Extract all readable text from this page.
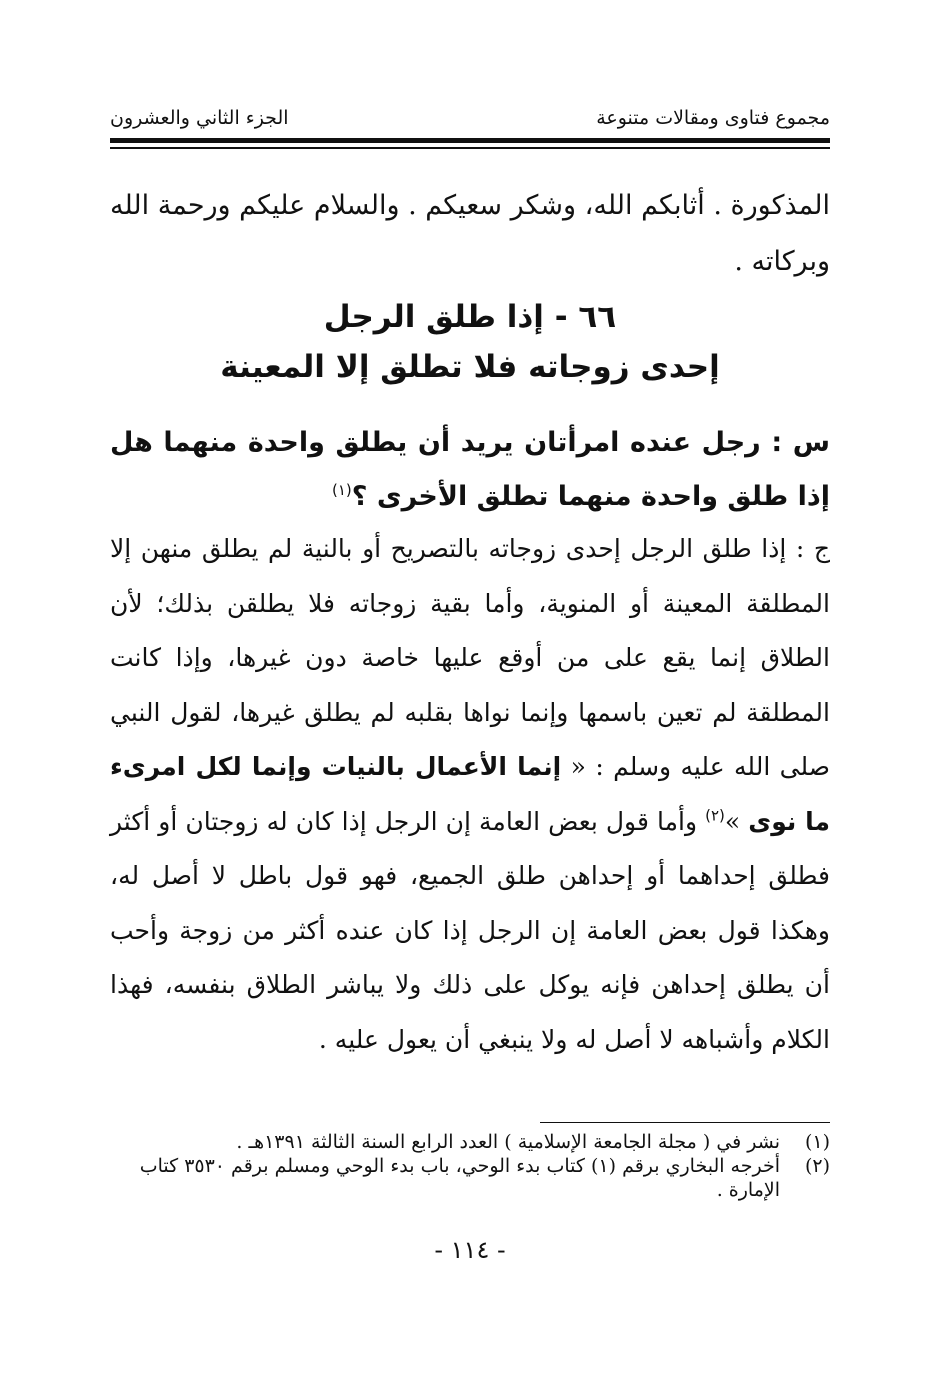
مجموع فتاوى ومقالات متنوعة
الجزء الثاني والعشرون
المذكورة . أثابكم الله، وشكر سعيكم . والسلام عليكم ورحمة الله وبركاته .
٦٦ - إذا طلق الرجل
إحدى زوجاته فلا تطلق إلا المعينة
س : رجل عنده امرأتان يريد أن يطلق واحدة منهما هل إذا طلق واحدة منهما تطلق الأخرى ؟$^{(١)}$
ج : إذا طلق الرجل إحدى زوجاته بالتصريح أو بالنية لم يطلق منهن إلا المطلقة المعينة أو المنوية، وأما بقية زوجاته فلا يطلقن بذلك؛ لأن الطلاق إنما يقع على من أوقع عليها خاصة دون غيرها، وإذا كانت المطلقة لم تعين باسمها وإنما نواها بقلبه لم يطلق غيرها، لقول النبي صلى الله عليه وسلم : « إنما الأعمال بالنيات وإنما لكل امرىء ما نوى »$^{(٢)}$ وأما قول بعض العامة إن الرجل إذا كان له زوجتان أو أكثر فطلق إحداهما أو إحداهن طلق الجميع، فهو قول باطل لا أصل له، وهكذا قول بعض العامة إن الرجل إذا كان عنده أكثر من زوجة وأحب أن يطلق إحداهن فإنه يوكل على ذلك ولا يباشر الطلاق بنفسه، فهذا الكلام وأشباهه لا أصل له ولا ينبغي أن يعول عليه .
(١)
نشر في ( مجلة الجامعة الإسلامية ) العدد الرابع السنة الثالثة ١٣٩١هـ .
(٢)
أخرجه البخاري برقم (١) كتاب بدء الوحي، باب بدء الوحي ومسلم برقم ٣٥٣٠ كتاب الإمارة .
- ١١٤ -
